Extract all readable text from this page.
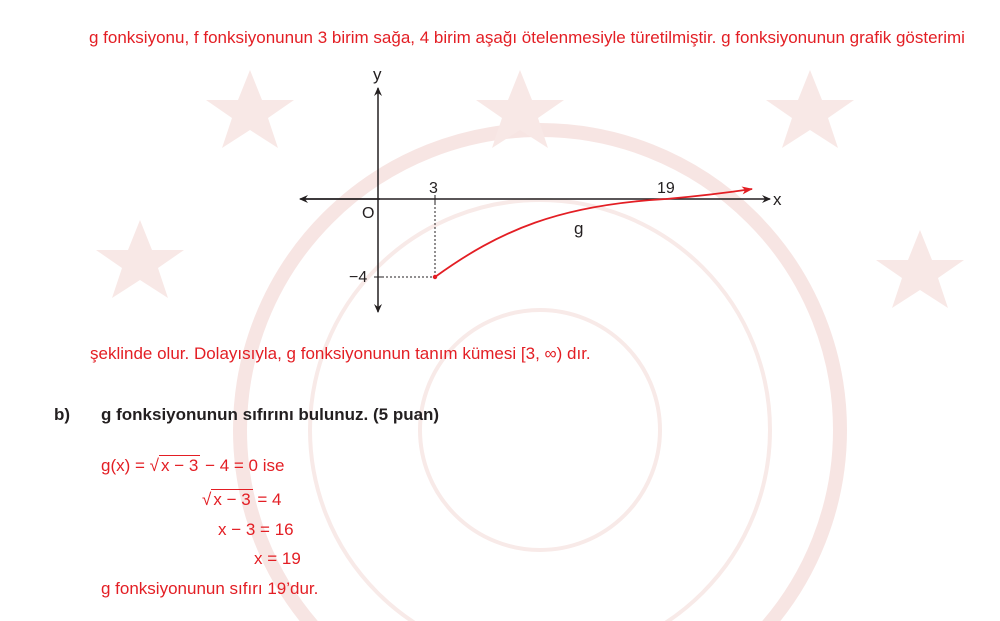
g fonksiyonu, f fonksiyonunun 3 birim sağa, 4 birim aşağı ötelenmesiyle türetilmiştir. g fonksiyonunun grafik gösterimi
y
x
O
3	19
−4
g
şeklinde olur. Dolayısıyla, g fonksiyonunun tanım kümesi [3, ∞) dır.
b) g fonksiyonunun sıfırını bulunuz. (5 puan)
g(x) = √ x − 3 − 4 = 0 ise
√ x − 3 = 4
x − 3 = 16
x = 19
g fonksiyonunun sıfırı 19’dur.
